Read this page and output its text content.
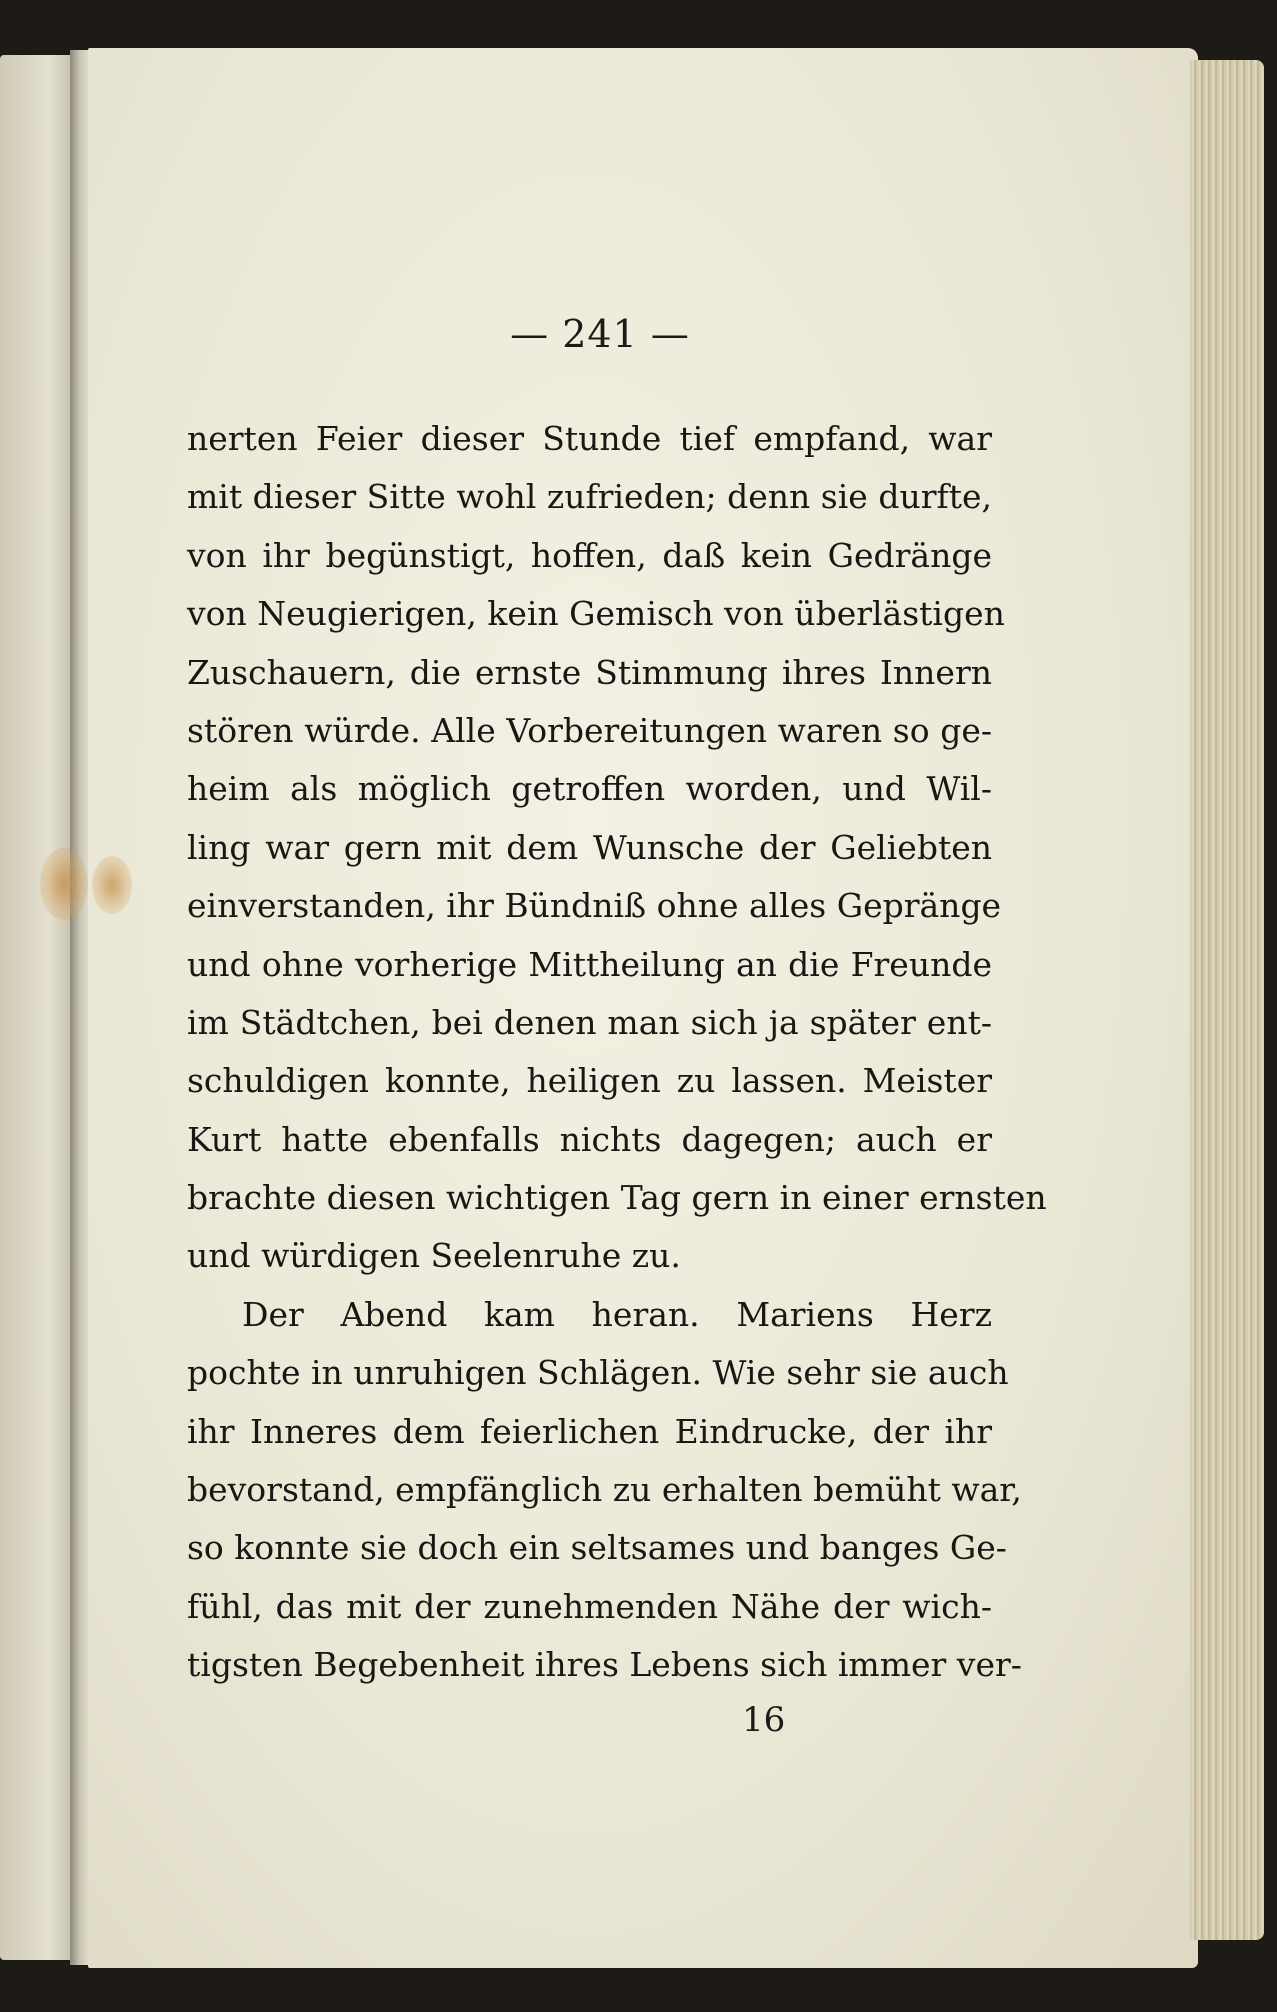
— 241 —
nerten Feier dieser Stunde tief empfand, war
mit dieser Sitte wohl zufrieden; denn sie durfte,
von ihr begünstigt, hoffen, daß kein Gedränge
von Neugierigen, kein Gemisch von überlästigen
Zuschauern, die ernste Stimmung ihres Innern
stören würde. Alle Vorbereitungen waren so ge-
heim als möglich getroffen worden, und Wil-
ling war gern mit dem Wunsche der Geliebten
einverstanden, ihr Bündniß ohne alles Gepränge
und ohne vorherige Mittheilung an die Freunde
im Städtchen, bei denen man sich ja später ent-
schuldigen konnte, heiligen zu lassen. Meister
Kurt hatte ebenfalls nichts dagegen; auch er
brachte diesen wichtigen Tag gern in einer ernsten
und würdigen Seelenruhe zu.
Der Abend kam heran. Mariens Herz
pochte in unruhigen Schlägen. Wie sehr sie auch
ihr Inneres dem feierlichen Eindrucke, der ihr
bevorstand, empfänglich zu erhalten bemüht war,
so konnte sie doch ein seltsames und banges Ge-
fühl, das mit der zunehmenden Nähe der wich-
tigsten Begebenheit ihres Lebens sich immer ver-
16
